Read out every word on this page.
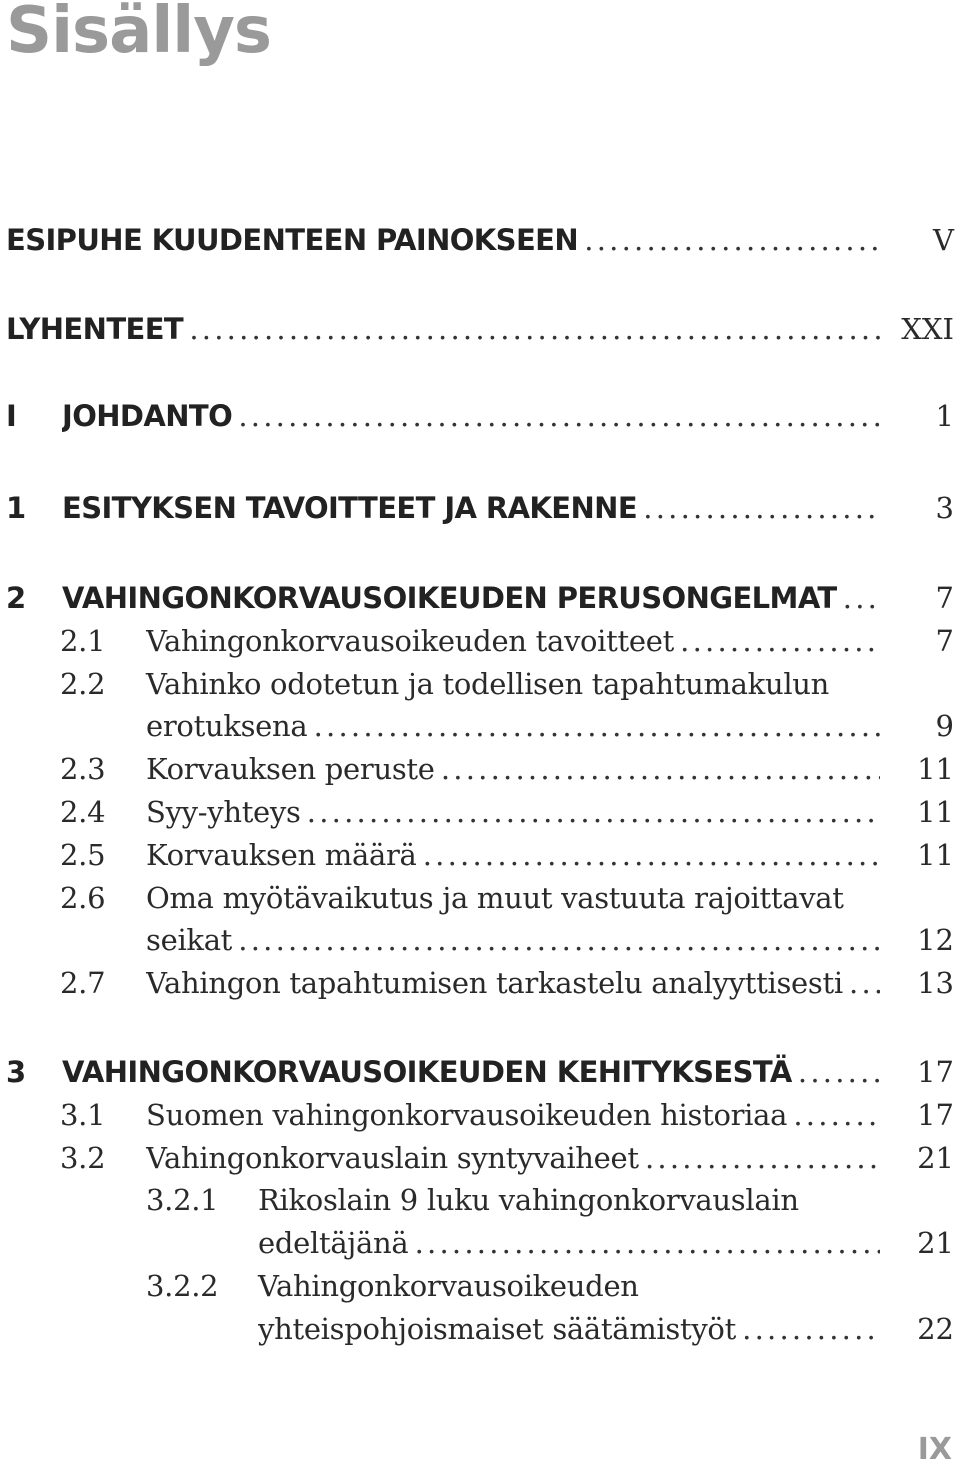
Sisällys
ESIPUHE KUUDENTEEN PAINOKSEEN . . .	V
LYHENTEET . . .	XXI
I JOHDANTO . . .	1
1 ESITYKSEN TAVOITTEET JA RAKENNE . . .	3
2 VAHINGONKORVAUSOIKEUDEN PERUSONGELMAT . . .	7
2.1 Vahingonkorvausoikeuden tavoitteet . . .	7
2.2 Vahinko odotetun ja todellisen tapahtumakulun
erotuksena . . .	9
2.3 Korvauksen peruste . . .	11
2.4 Syy-yhteys . . .	11
2.5 Korvauksen määrä . . .	11
2.6 Oma myötävaikutus ja muut vastuuta rajoittavat
seikat . . .	12
2.7 Vahingon tapahtumisen tarkastelu analyyttisesti . . .	13
3 VAHINGONKORVAUSOIKEUDEN KEHITYKSESTÄ . . .	17
3.1 Suomen vahingonkorvausoikeuden historiaa . . .	17
3.2 Vahingonkorvauslain syntyvaiheet . . .	21
3.2.1 Rikoslain 9 luku vahingonkorvauslain
edeltäjänä . . .	21
3.2.2 Vahingonkorvausoikeuden
yhteispohjoismaiset säätämistyöt . . .	22
IX
